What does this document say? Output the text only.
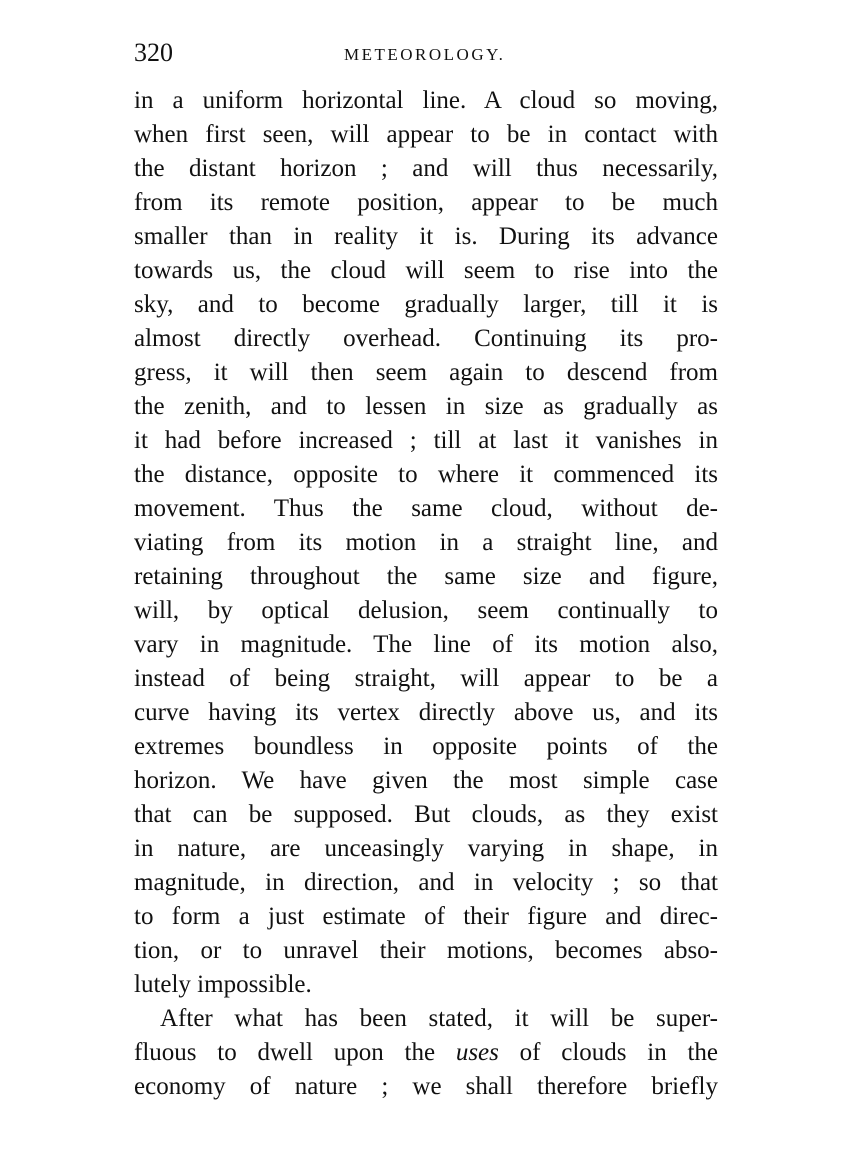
320	METEOROLOGY.
in a uniform horizontal line. A cloud so moving,
when first seen, will appear to be in contact with
the distant horizon ; and will thus necessarily,
from its remote position, appear to be much
smaller than in reality it is. During its advance
towards us, the cloud will seem to rise into the
sky, and to become gradually larger, till it is
almost directly overhead. Continuing its pro-
gress, it will then seem again to descend from
the zenith, and to lessen in size as gradually as
it had before increased ; till at last it vanishes in
the distance, opposite to where it commenced its
movement. Thus the same cloud, without de-
viating from its motion in a straight line, and
retaining throughout the same size and figure,
will, by optical delusion, seem continually to
vary in magnitude. The line of its motion also,
instead of being straight, will appear to be a
curve having its vertex directly above us, and its
extremes boundless in opposite points of the
horizon. We have given the most simple case
that can be supposed. But clouds, as they exist
in nature, are unceasingly varying in shape, in
magnitude, in direction, and in velocity ; so that
to form a just estimate of their figure and direc-
tion, or to unravel their motions, becomes abso-
lutely impossible.
After what has been stated, it will be super-
fluous to dwell upon the uses of clouds in the
economy of nature ; we shall therefore briefly
